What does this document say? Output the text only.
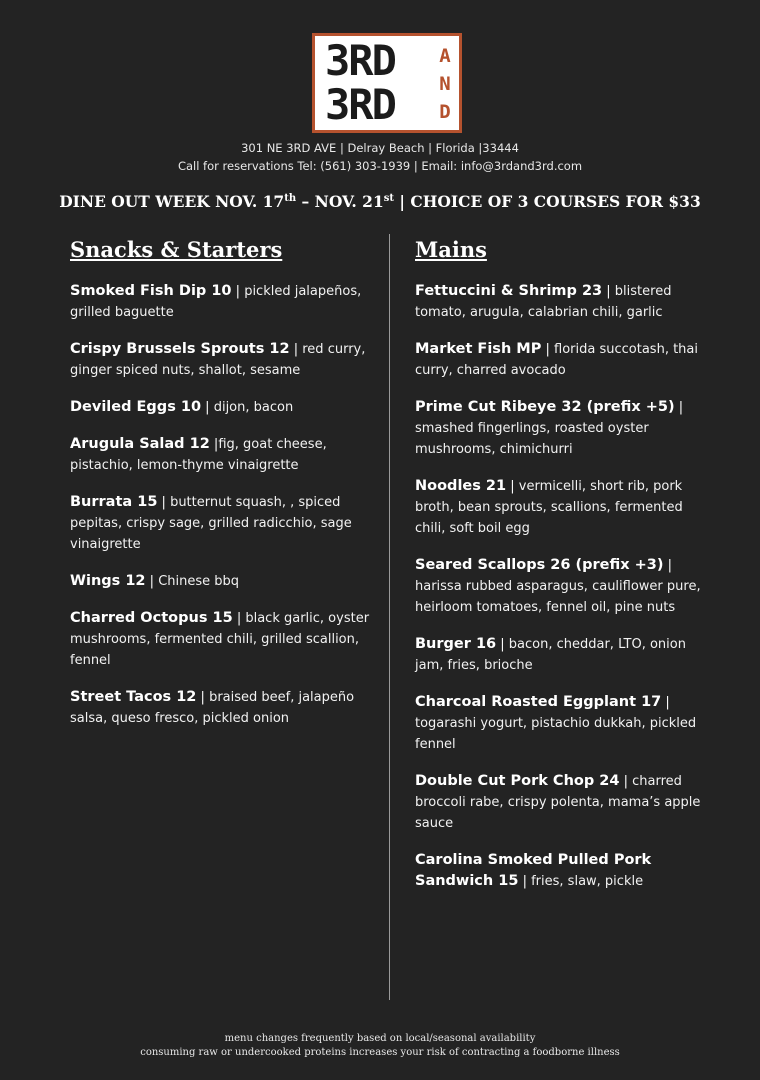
3RD
3RD
A
N
D
301 NE 3RD AVE | Delray Beach | Florida |33444
Call for reservations Tel: (561) 303-1939 | Email: info@3rdand3rd.com
DINE OUT WEEK NOV. 17th – NOV. 21st | CHOICE OF 3 COURSES FOR $33
Snacks & Starters
Smoked Fish Dip 10 | pickled jalapeños, grilled baguette
Crispy Brussels Sprouts 12 | red curry, ginger spiced nuts, shallot, sesame
Deviled Eggs 10 | dijon, bacon
Arugula Salad 12 |fig, goat cheese, pistachio, lemon-thyme vinaigrette
Burrata 15 | butternut squash, , spiced pepitas, crispy sage, grilled radicchio, sage vinaigrette
Wings 12 | Chinese bbq
Charred Octopus 15 | black garlic, oyster mushrooms, fermented chili, grilled scallion, fennel
Street Tacos 12 | braised beef, jalapeño salsa, queso fresco, pickled onion
Mains
Fettuccini & Shrimp 23 | blistered tomato, arugula, calabrian chili, garlic
Market Fish MP | florida succotash, thai curry, charred avocado
Prime Cut Ribeye 32 (prefix +5) | smashed fingerlings, roasted oyster mushrooms, chimichurri
Noodles 21 | vermicelli, short rib, pork broth, bean sprouts, scallions, fermented chili, soft boil egg
Seared Scallops 26 (prefix +3) | harissa rubbed asparagus, cauliflower pure, heirloom tomatoes, fennel oil, pine nuts
Burger 16 | bacon, cheddar, LTO, onion jam, fries, brioche
Charcoal Roasted Eggplant 17 | togarashi yogurt, pistachio dukkah, pickled fennel
Double Cut Pork Chop 24 | charred broccoli rabe, crispy polenta, mama’s apple sauce
Carolina Smoked Pulled Pork Sandwich 15 | fries, slaw, pickle
menu changes frequently based on local/seasonal availability
consuming raw or undercooked proteins increases your risk of contracting a foodborne illness
